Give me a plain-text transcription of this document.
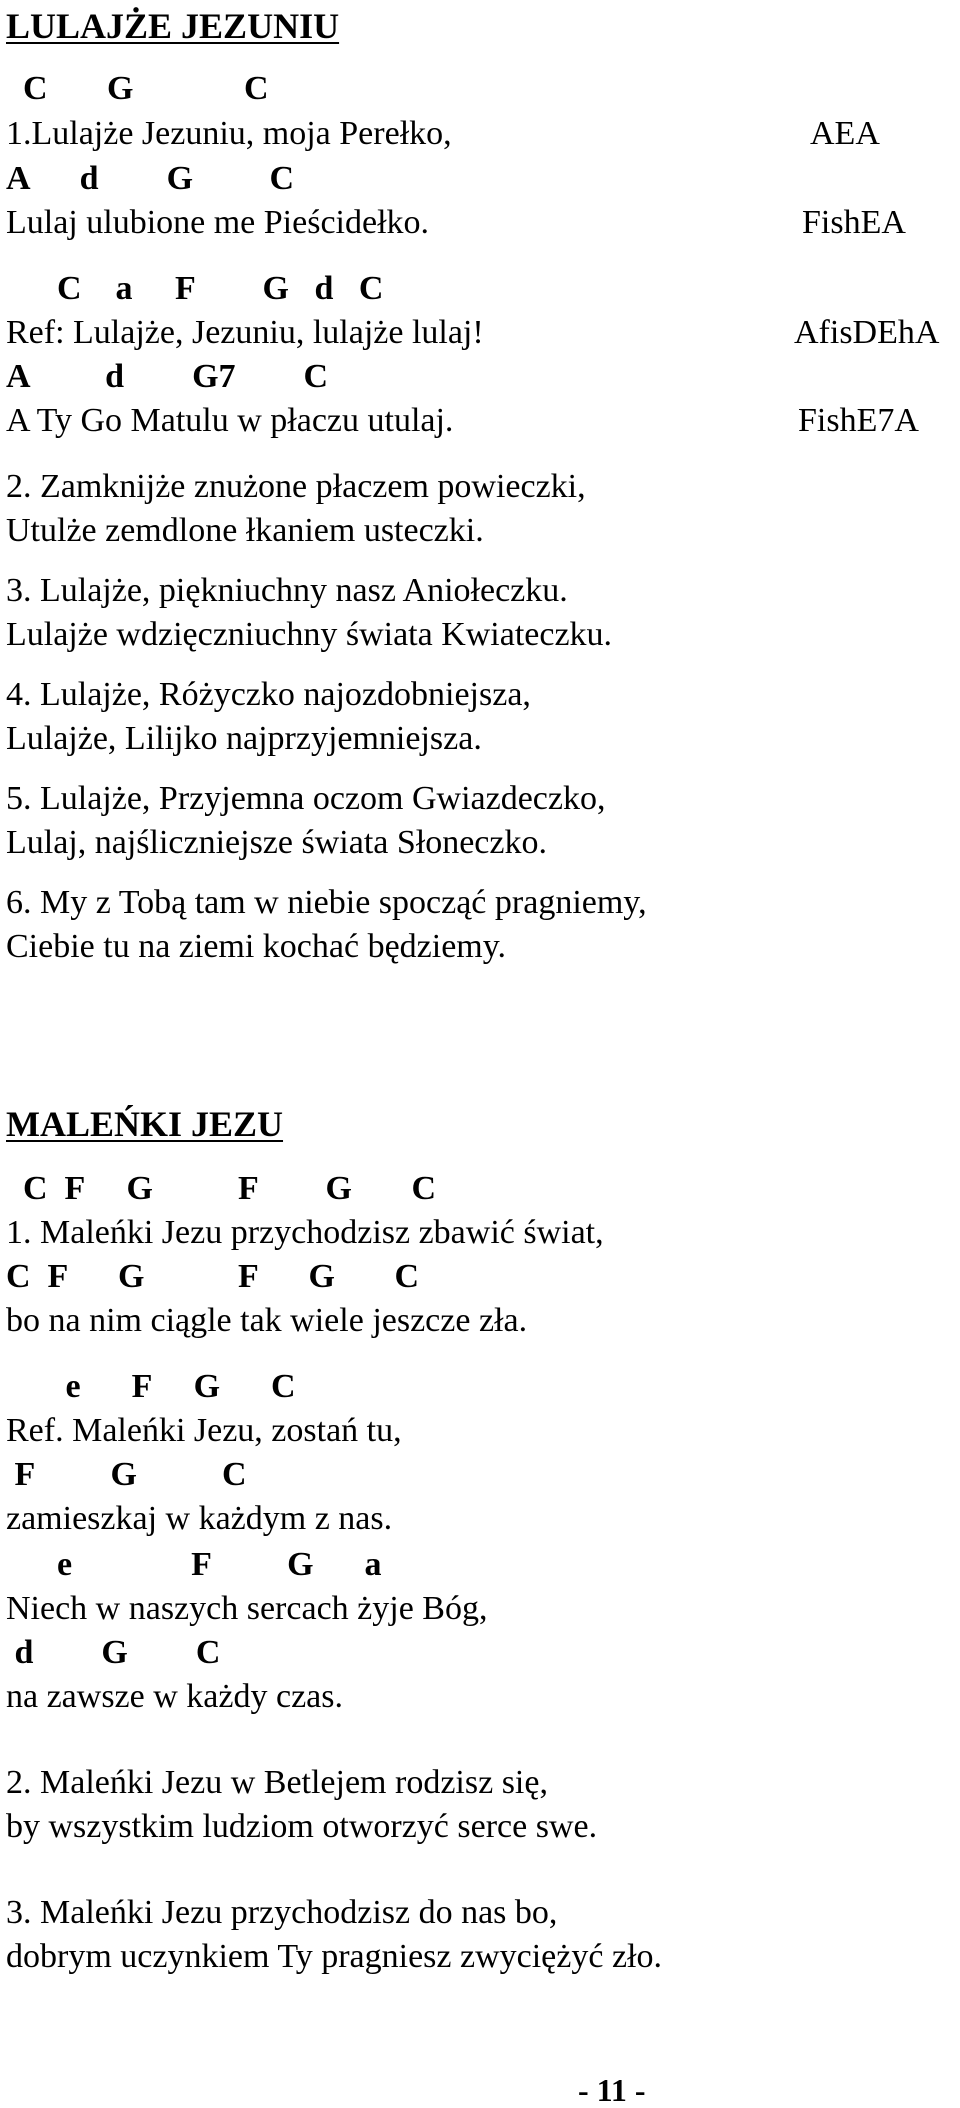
LULAJŻE JEZUNIU
C       G             C
1.Lulajże Jezuniu, moja Perełko,	AEA
A      d        G         C
Lulaj ulubione me Pieścidełko.	FishEA
C    a     F        G   d   C
Ref: Lulajże, Jezuniu, lulajże lulaj!	AfisDEhA
A         d        G7        C
A Ty Go Matulu w płaczu utulaj.	FishE7A
2. Zamknijże znużone płaczem powieczki,
Utulże zemdlone łkaniem usteczki.
3. Lulajże, piękniuchny nasz Aniołeczku.
Lulajże wdzięczniuchny świata Kwiateczku.
4. Lulajże, Różyczko najozdobniejsza,
Lulajże, Lilijko najprzyjemniejsza.
5. Lulajże, Przyjemna oczom Gwiazdeczko,
Lulaj, najśliczniejsze świata Słoneczko.
6. My z Tobą tam w niebie spocząć pragniemy,
Ciebie tu na ziemi kochać będziemy.
MALEŃKI JEZU
C  F     G          F        G       C
1. Maleńki Jezu przychodzisz zbawić świat,
C  F      G           F      G       C
bo na nim ciągle tak wiele jeszcze zła.
e      F     G      C
Ref. Maleńki Jezu, zostań tu,
F         G          C
zamieszkaj w każdym z nas.
e              F         G      a
Niech w naszych sercach żyje Bóg,
d        G        C
na zawsze w każdy czas.
2. Maleńki Jezu w Betlejem rodzisz się,
by wszystkim ludziom otworzyć serce swe.
3. Maleńki Jezu przychodzisz do nas bo,
dobrym uczynkiem Ty pragniesz zwyciężyć zło.
- 11 -
